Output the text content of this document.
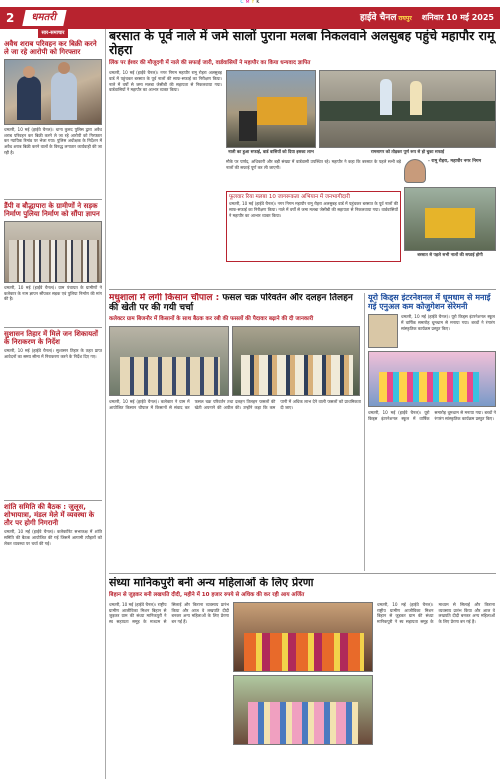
C M Y K
2	धमतरी	हाईवे चैनल रायपुर शनिवार 10 मई 2025
सार-समाचार
अवैध शराब परिवहन कर बिक्री करने ले जा रहे आरोपी को गिरफ्तार

धमतरी, 10 मई (हाईवे चैनल)। थाना कुरुद पुलिस द्वारा अवैध शराब परिवहन कर बिक्री करने ले जा रहे आरोपी को गिरफ्तार कर न्यायिक रिमांड पर भेजा गया। पुलिस अधीक्षक के निर्देशन में अवैध शराब बिक्री करने वालों के विरुद्ध लगातार कार्यवाही की जा रही है।

डैंपी व बौद्धापारा के ग्रामीणों ने सड़क निर्माण पुलिया निर्माण को सौंपा ज्ञापन

धमतरी, 10 मई (हाईवे चैनल)। ग्राम पंचायत के ग्रामीणों ने कलेक्टर के नाम ज्ञापन सौंपकर सड़क एवं पुलिया निर्माण की मांग की है।

सुशासन तिहार में मिले जन शिकायतों के निराकरण के निर्देश

धमतरी, 10 मई (हाईवे चैनल)। सुशासन तिहार के तहत प्राप्त आवेदनों का समय सीमा में निराकरण करने के निर्देश दिए गए।

शांति समिति की बैठक : जुलूस, शोभायात्रा, मंडल मेले में व्यवस्था के तौर पर होगी निगरानी

धमतरी, 10 मई (हाईवे चैनल)। कलेक्टोरेट सभाकक्ष में शांति समिति की बैठक आयोजित की गई जिसमें आगामी त्यौहारों को लेकर व्यवस्था पर चर्चा की गई।

बरसात के पूर्व नाले में जमे सालों पुराना मलबा निकलवाने अलसुबह पहुंचे महापौर रामू रोहरा

लिंक पर ईश्वर की मौजूदगी में नाले की सफाई जारी, वार्डवासियों ने महापौर का किया धन्यवाद ज्ञापित

धमतरी, 10 मई (हाईवे चैनल)। नगर निगम महापौर रामू रोहरा अलसुबह वार्ड में पहुंचकर बरसात के पूर्व नालों की साफ-सफाई का निरीक्षण किया। नाले में वर्षों से जमा मलबा जेसीबी की सहायता से निकलवाया गया। वार्डवासियों ने महापौर का आभार व्यक्त किया।

नाली का हुआ सफाई, वार्ड वासियों को दिया इसका लाभ	रामसागर को तोड़कर पूर्ण रूप से हो चुका सफाई

मौके पर पार्षद, अधिकारी और बड़ी संख्या में वार्डवासी उपस्थित रहे। महापौर ने कहा कि बरसात के पहले सभी बड़े नालों की सफाई पूर्ण कर ली जाएगी।

फूलवार रिया मलबा 10 जागरूकता अभियान में जनभागीदारी

धमतरी, 10 मई (हाईवे चैनल)। नगर निगम महापौर रामू रोहरा अलसुबह वार्ड में पहुंचकर बरसात के पूर्व नालों की साफ-सफाई का निरीक्षण किया। नाले में वर्षों से जमा मलबा जेसीबी की सहायता से निकलवाया गया। वार्डवासियों ने महापौर का आभार व्यक्त किया।

- रामू रोहरा, महापौर नगर निगम

बरसात से पहले सभी नालों की सफाई होगी

मधुशाला में लगी किसान चौपाल : फसल चक्र परिवर्तन और दलहन तिलहन की खेती पर की गयी चर्चा

कलेक्टर ग्राम बिजनौर में किसानों के साथ बैठक कर रबी की फसलों की पैदावार बढ़ाने की दी जानकारी

धमतरी, 10 मई (हाईवे चैनल)। कलेक्टर ने ग्राम में आयोजित किसान चौपाल में किसानों से संवाद कर फसल चक्र परिवर्तन तथा दलहन तिलहन फसलों की खेती अपनाने की अपील की। उन्होंने कहा कि कम पानी में अधिक लाभ देने वाली फसलों को प्राथमिकता दी जाए।

यूरो किड्स इंटरनेशनल में धूमधाम से मनाई गई एनुअल कम कोजुगेशन सेरेमनी

धमतरी, 10 मई (हाईवे चैनल)। यूरो किड्स इंटरनेशनल स्कूल में वार्षिक समारोह धूमधाम से मनाया गया। बच्चों ने रंगारंग सांस्कृतिक कार्यक्रम प्रस्तुत किए।

धमतरी, 10 मई (हाईवे चैनल)। यूरो किड्स इंटरनेशनल स्कूल में वार्षिक समारोह धूमधाम से मनाया गया। बच्चों ने रंगारंग सांस्कृतिक कार्यक्रम प्रस्तुत किए।

संध्या मानिकपुरी बनी अन्य महिलाओं के लिए प्रेरणा

बिहान से जुड़कर बनी लखपति दीदी, महीने में 10 हजार रुपये से अधिक की कर रही आय अर्जित

धमतरी, 10 मई (हाईवे चैनल)। राष्ट्रीय ग्रामीण आजीविका मिशन बिहान से जुड़कर ग्राम की संध्या मानिकपुरी ने स्व सहायता समूह के माध्यम से सिलाई और किराना व्यवसाय प्रारंभ किया और आज वे लखपति दीदी बनकर अन्य महिलाओं के लिए प्रेरणा बन गई हैं।

धमतरी, 10 मई (हाईवे चैनल)। राष्ट्रीय ग्रामीण आजीविका मिशन बिहान से जुड़कर ग्राम की संध्या मानिकपुरी ने स्व सहायता समूह के माध्यम से सिलाई और किराना व्यवसाय प्रारंभ किया और आज वे लखपति दीदी बनकर अन्य महिलाओं के लिए प्रेरणा बन गई हैं।
